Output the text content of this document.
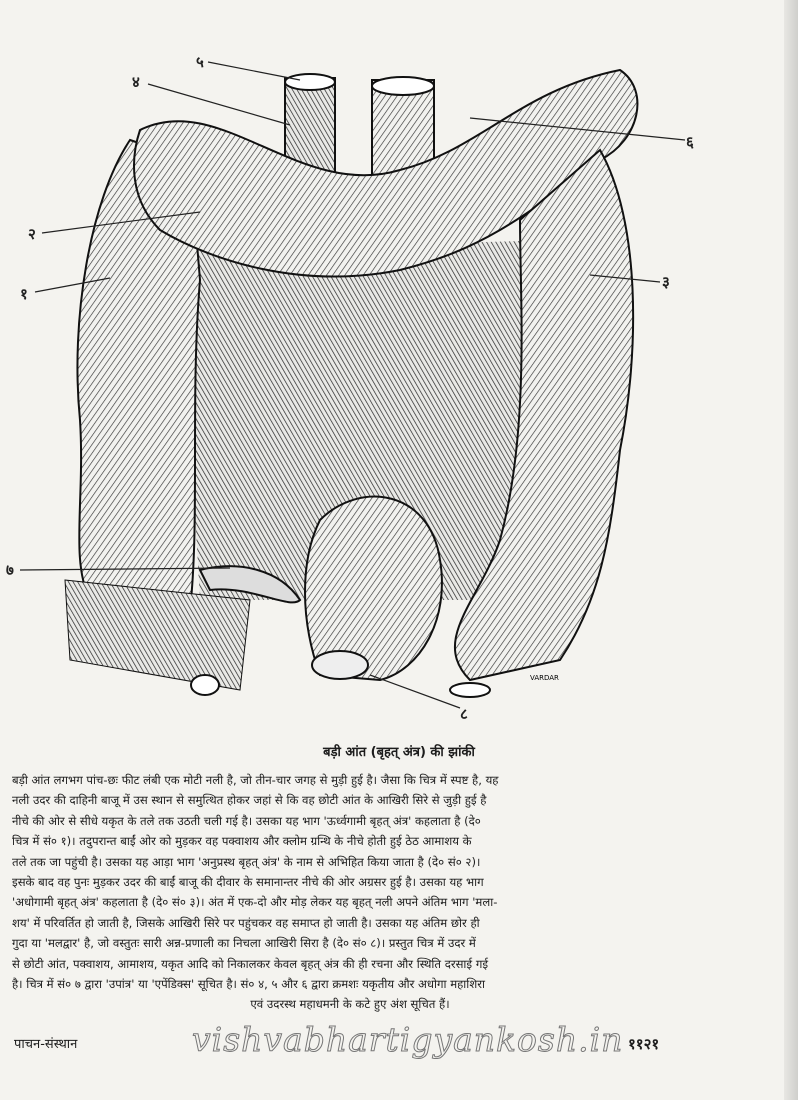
VARDAR
५
४
६
२
१
३
७
८
बड़ी आंत (बृहत् अंत्र) की झांकी
बड़ी आंत लगभग पांच-छः फीट लंबी एक मोटी नली है, जो तीन-चार जगह से मुड़ी हुई है। जैसा कि चित्र में स्पष्ट है, यह
नली उदर की दाहिनी बाजू में उस स्थान से समुत्थित होकर जहां से कि वह छोटी आंत के आखिरी सिरे से जुड़ी हुई है
नीचे की ओर से सीधे यकृत के तले तक उठती चली गई है। उसका यह भाग 'ऊर्ध्वगामी बृहत् अंत्र' कहलाता है (दे०
चित्र में सं० १)। तदुपरान्त बाईं ओर को मुड़कर वह पक्वाशय और क्लोम ग्रन्थि के नीचे होती हुई ठेठ आमाशय के
तले तक जा पहुंची है। उसका यह आड़ा भाग 'अनुप्रस्थ बृहत् अंत्र' के नाम से अभिहित किया जाता है (दे० सं० २)।
इसके बाद वह पुनः मुड़कर उदर की बाईं बाजू की दीवार के समानान्तर नीचे की ओर अग्रसर हुई है। उसका यह भाग
'अधोगामी बृहत् अंत्र' कहलाता है (दे० सं० ३)। अंत में एक-दो और मोड़ लेकर यह बृहत् नली अपने अंतिम भाग 'मला-
शय' में परिवर्तित हो जाती है, जिसके आखिरी सिरे पर पहुंचकर वह समाप्त हो जाती है। उसका यह अंतिम छोर ही
गुदा या 'मलद्वार' है, जो वस्तुतः सारी अन्न-प्रणाली का निचला आखिरी सिरा है (दे० सं० ८)। प्रस्तुत चित्र में उदर में
से छोटी आंत, पक्वाशय, आमाशय, यकृत आदि को निकालकर केवल बृहत् अंत्र की ही रचना और स्थिति दरसाई गई
है। चित्र में सं० ७ द्वारा 'उपांत्र' या 'एपेंडिक्स' सूचित है। सं० ४, ५ और ६ द्वारा क्रमशः यकृतीय और अधोगा महाशिरा
एवं उदरस्थ महाधमनी के कटे हुए अंश सूचित हैं।
पाचन-संस्थान	vishvabhartigyankosh.in ११२१
